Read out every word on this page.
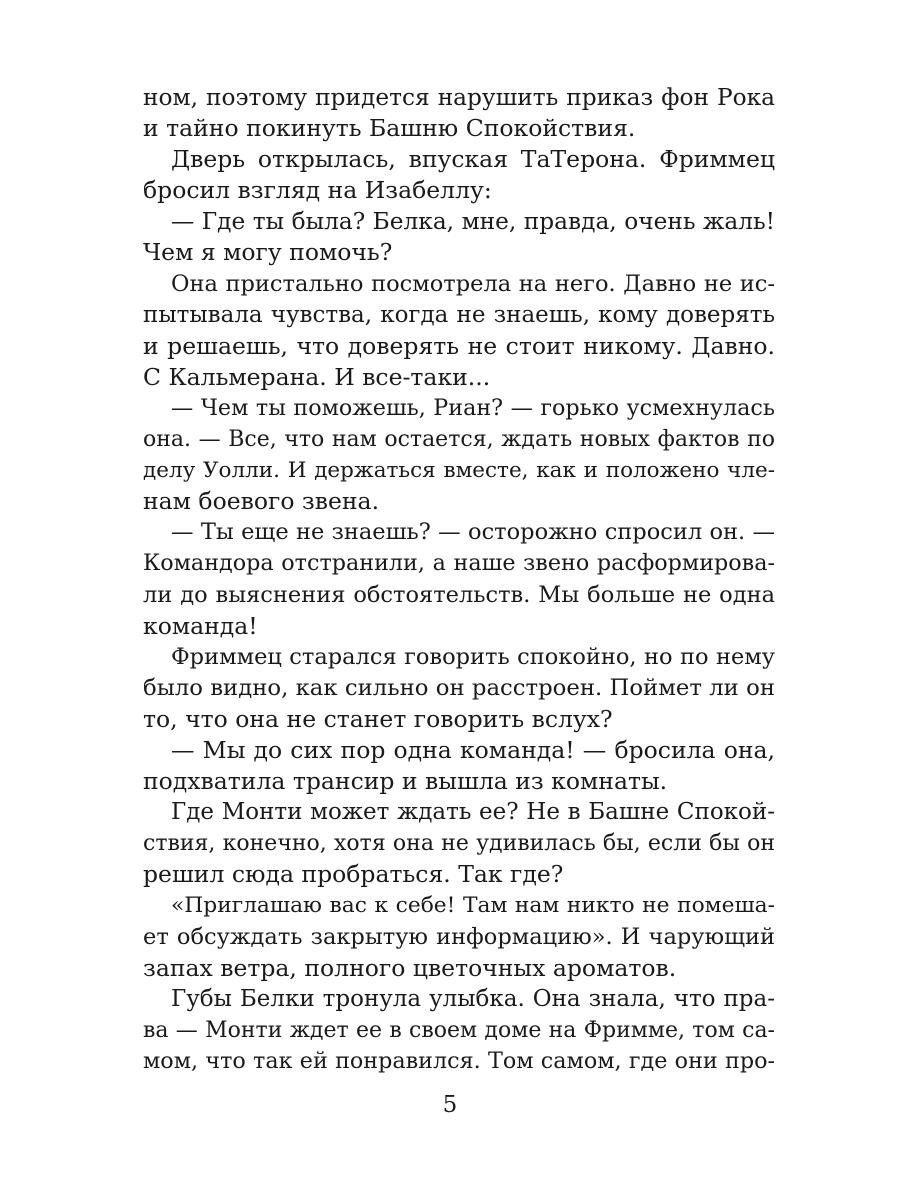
ном, поэтому придется нарушить приказ фон Рока
и тайно покинуть Башню Спокойствия.
Дверь открылась, впуская ТаТерона. Фриммец
бросил взгляд на Изабеллу:
— Где ты была? Белка, мне, правда, очень жаль!
Чем я могу помочь?
Она пристально посмотрела на него. Давно не ис-
пытывала чувства, когда не знаешь, кому доверять
и решаешь, что доверять не стоит никому. Давно.
С Кальмерана. И все-таки...
— Чем ты поможешь, Риан? — горько усмехнулась
она. — Все, что нам остается, ждать новых фактов по
делу Уолли. И держаться вместе, как и положено чле-
нам боевого звена.
— Ты еще не знаешь? — осторожно спросил он. —
Командора отстранили, а наше звено расформирова-
ли до выяснения обстоятельств. Мы больше не одна
команда!
Фриммец старался говорить спокойно, но по нему
было видно, как сильно он расстроен. Поймет ли он
то, что она не станет говорить вслух?
— Мы до сих пор одна команда! — бросила она,
подхватила трансир и вышла из комнаты.
Где Монти может ждать ее? Не в Башне Спокой-
ствия, конечно, хотя она не удивилась бы, если бы он
решил сюда пробраться. Так где?
«Приглашаю вас к себе! Там нам никто не помеша-
ет обсуждать закрытую информацию». И чарующий
запах ветра, полного цветочных ароматов.
Губы Белки тронула улыбка. Она знала, что пра-
ва — Монти ждет ее в своем доме на Фримме, том са-
мом, что так ей понравился. Том самом, где они про-
5
